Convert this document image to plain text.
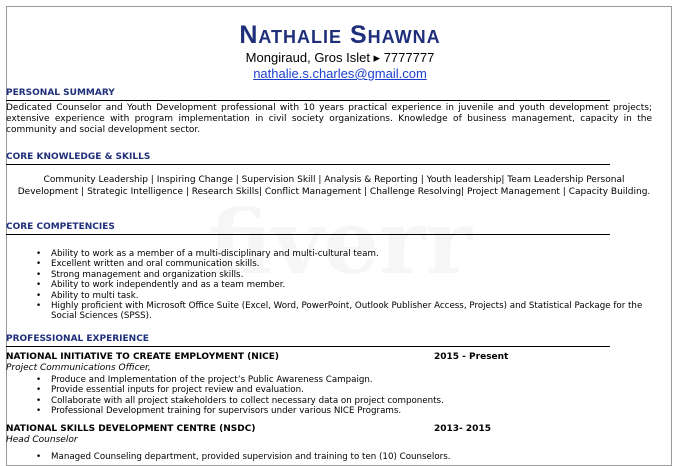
Nathalie Shawna
Mongiraud, Gros Islet ▸ 7777777
nathalie.s.charles@gmail.com
PERSONAL SUMMARY
Dedicated Counselor and Youth Development professional with 10 years practical experience in juvenile and youth development projects; extensive experience with program implementation in civil society organizations. Knowledge of business management, capacity in the community and social development sector.
CORE KNOWLEDGE & SKILLS
Community Leadership | Inspiring Change | Supervision Skill | Analysis & Reporting | Youth leadership| Team Leadership Personal Development | Strategic Intelligence | Research Skills| Conflict Management | Challenge Resolving| Project Management | Capacity Building.
CORE COMPETENCIES
• Ability to work as a member of a multi-disciplinary and multi-cultural team.
• Excellent written and oral communication skills.
• Strong management and organization skills.
• Ability to work independently and as a team member.
• Ability to multi task.
• Highly proficient with Microsoft Office Suite (Excel, Word, PowerPoint, Outlook Publisher Access, Projects) and Statistical Package for the Social Sciences (SPSS).
PROFESSIONAL EXPERIENCE
NATIONAL INITIATIVE TO CREATE EMPLOYMENT (NICE)	2015 - Present
Project Communications Officer,
• Produce and Implementation of the project’s Public Awareness Campaign.
• Provide essential inputs for project review and evaluation.
• Collaborate with all project stakeholders to collect necessary data on project components.
• Professional Development training for supervisors under various NICE Programs.
NATIONAL SKILLS DEVELOPMENT CENTRE (NSDC)	2013- 2015
Head Counselor
• Managed Counseling department, provided supervision and training to ten (10) Counselors.
